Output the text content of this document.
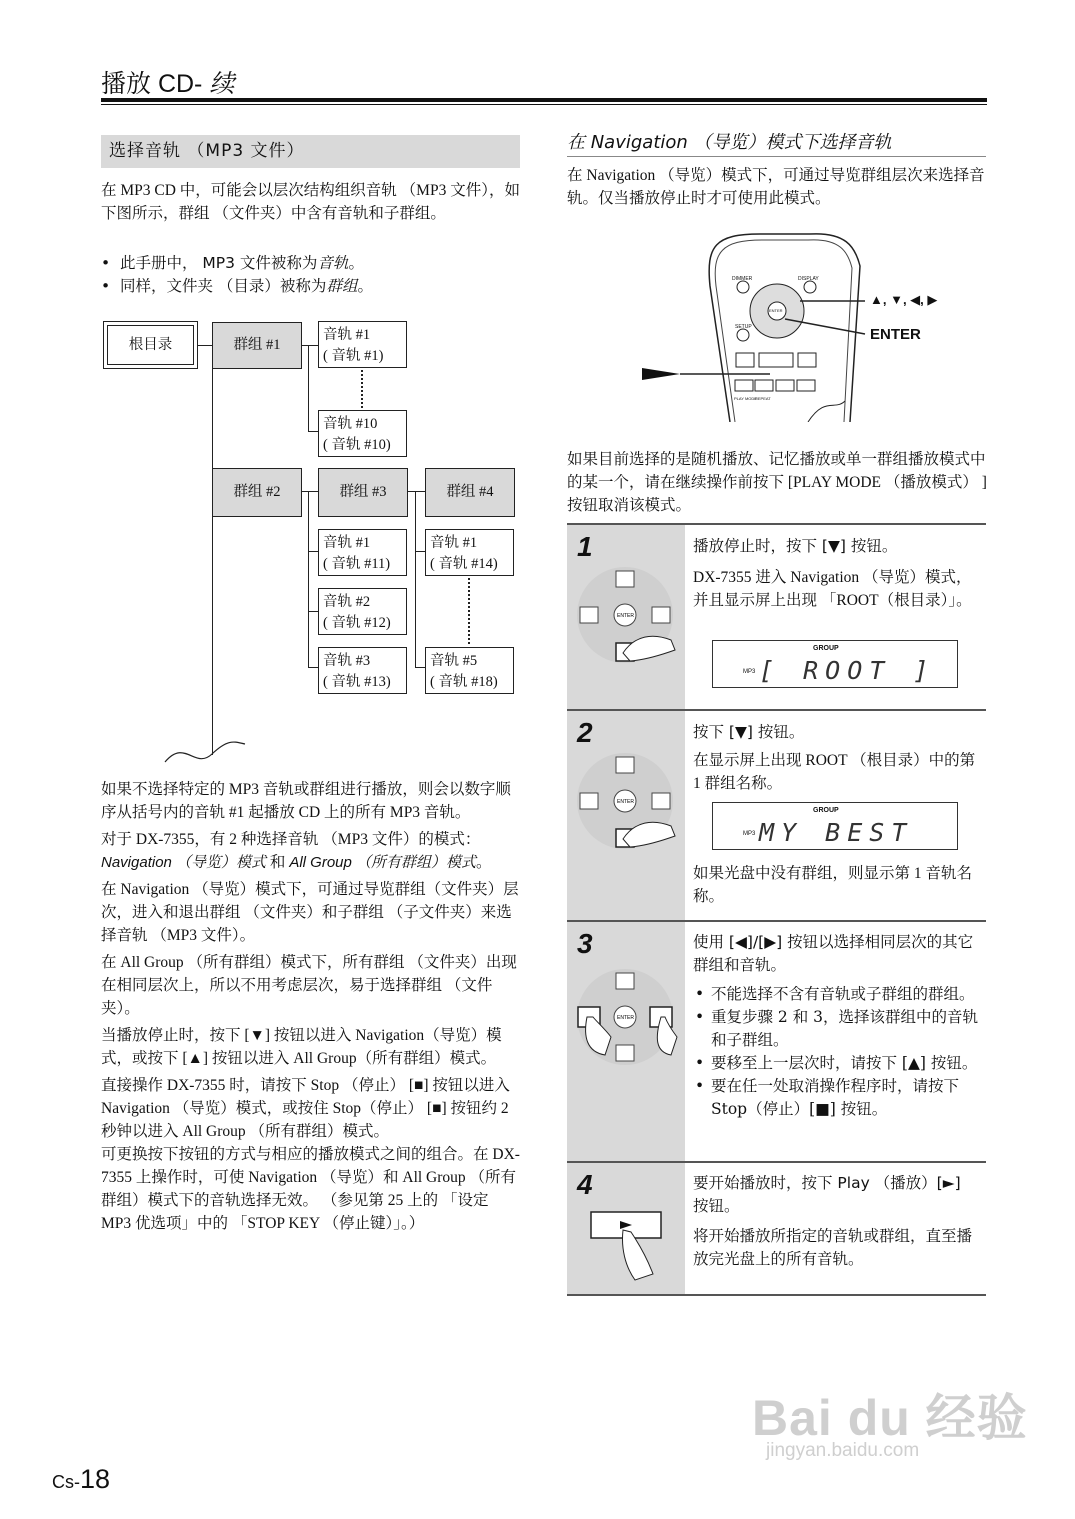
播放 CD- 续
选择音轨 （MP3 文件）
在 MP3 CD 中，可能会以层次结构组织音轨 （MP3 文件），如下图所示，群组 （文件夹）中含有音轨和子群组。
•  此手册中， MP3 文件被称为音轨。
•  同样，文件夹 （目录）被称为群组。
根目录	群组 #1
音轨 #1
( 音轨 #1)
音轨 #10
( 音轨 #10)
群组 #2	群组 #3	群组 #4
音轨 #1
( 音轨 #11)
音轨 #2
( 音轨 #12)
音轨 #3
( 音轨 #13)
音轨 #1
( 音轨 #14)
音轨 #5
( 音轨 #18)
如果不选择特定的 MP3 音轨或群组进行播放，则会以数字顺序从括号内的音轨 #1 起播放 CD 上的所有 MP3 音轨。
对于 DX-7355，有 2 种选择音轨 （MP3 文件）的模式：Navigation （导览）模式 和 All Group （所有群组）模式。
在 Navigation （导览）模式下，可通过导览群组（文件夹）层次，进入和退出群组 （文件夹）和子群组 （子文件夹）来选择音轨 （MP3 文件）。
在 All Group （所有群组）模式下，所有群组 （文件夹）出现在相同层次上，所以不用考虑层次，易于选择群组 （文件夹）。
当播放停止时，按下 [▼] 按钮以进入 Navigation（导览）模式，或按下 [▲] 按钮以进入 All Group（所有群组）模式。
直接操作 DX-7355 时，请按下 Stop （停止） [■] 按钮以进入 Navigation （导览）模式，或按住 Stop（停止） [■] 按钮约 2 秒钟以进入 All Group （所有群组）模式。
可更换按下按钮的方式与相应的播放模式之间的组合。在 DX-7355 上操作时，可使 Navigation （导览）和 All Group （所有群组）模式下的音轨选择无效。 （参见第 25 上的 「设定 MP3 优选项」中的 「STOP KEY （停止键）」。）
在 Navigation （导览）模式下选择音轨
在 Navigation （导览）模式下，可通过导览群组层次来选择音轨。仅当播放停止时才可使用此模式。
DIMMER	DISPLAY
SETUP
ENTER
PLAY MODE
REPEAT
▲, ▼, ◀, ▶
ENTER
如果目前选择的是随机播放、记忆播放或单一群组播放模式中的某一个，请在继续操作前按下 [PLAY MODE （播放模式） ] 按钮取消该模式。
1
ENTER
播放停止时，按下 [▼] 按钮。
DX-7355 进入 Navigation （导览）模式，并且显示屏上出现 「ROOT（根目录）」。
GROUP
MP3 [ ROOT ]
2
ENTER
按下 [▼] 按钮。
在显示屏上出现 ROOT （根目录）中的第 1 群组名称。
GROUP
MP3 MY BEST
如果光盘中没有群组，则显示第 1 音轨名称。
3
ENTER
使用 [◀]/[▶] 按钮以选择相同层次的其它群组和音轨。
• 不能选择不含有音轨或子群组的群组。
• 重复步骤 2 和 3，选择该群组中的音轨和子群组。
• 要移至上一层次时，请按下 [▲] 按钮。
• 要在任一处取消操作程序时，请按下 Stop（停止）[■] 按钮。
4	要开始播放时，按下 Play （播放）[►] 按钮。
将开始播放所指定的音轨或群组，直至播放完光盘上的所有音轨。
Cs-18
Bai du 经验
jingyan.baidu.com
